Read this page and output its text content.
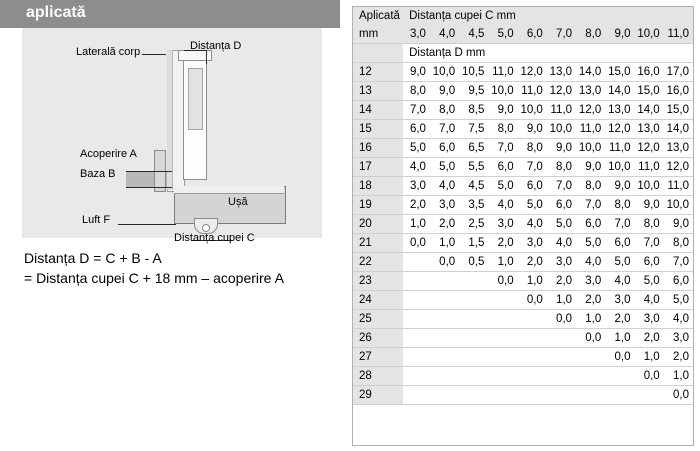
aplicată
Laterală corp	Distanța D
Acoperire A
Baza B
Ușă
Luft F
Distanța cupei C
Distanța D = C + B - A
= Distanța cupei C + 18 mm – acoperire A
Aplicată	Distanța cupei C mm									
mm	3,0	4,0	4,5	5,0	6,0	7,0	8,0	9,0	10,0	11,0
	Distanța D mm									
12	9,0	10,0	10,5	11,0	12,0	13,0	14,0	15,0	16,0	17,0
13	8,0	9,0	9,5	10,0	11,0	12,0	13,0	14,0	15,0	16,0
14	7,0	8,0	8,5	9,0	10,0	11,0	12,0	13,0	14,0	15,0
15	6,0	7,0	7,5	8,0	9,0	10,0	11,0	12,0	13,0	14,0
16	5,0	6,0	6,5	7,0	8,0	9,0	10,0	11,0	12,0	13,0
17	4,0	5,0	5,5	6,0	7,0	8,0	9,0	10,0	11,0	12,0
18	3,0	4,0	4,5	5,0	6,0	7,0	8,0	9,0	10,0	11,0
19	2,0	3,0	3,5	4,0	5,0	6,0	7,0	8,0	9,0	10,0
20	1,0	2,0	2,5	3,0	4,0	5,0	6,0	7,0	8,0	9,0
21	0,0	1,0	1,5	2,0	3,0	4,0	5,0	6,0	7,0	8,0
22		0,0	0,5	1,0	2,0	3,0	4,0	5,0	6,0	7,0
23				0,0	1,0	2,0	3,0	4,0	5,0	6,0
24					0,0	1,0	2,0	3,0	4,0	5,0
25						0,0	1,0	2,0	3,0	4,0
26							0,0	1,0	2,0	3,0
27								0,0	1,0	2,0
28									0,0	1,0
29										0,0
